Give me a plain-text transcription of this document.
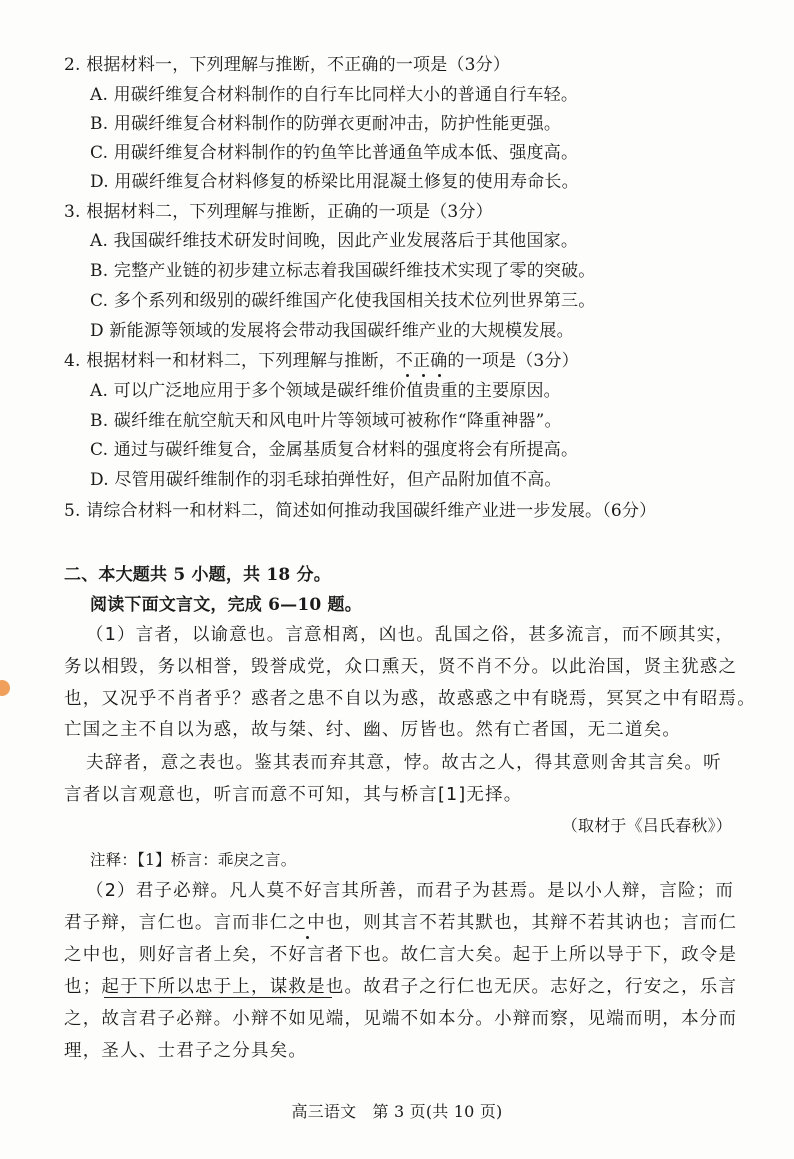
2. 根据材料一，下列理解与推断，不正确的一项是（3分）
A. 用碳纤维复合材料制作的自行车比同样大小的普通自行车轻。
B. 用碳纤维复合材料制作的防弹衣更耐冲击，防护性能更强。
C. 用碳纤维复合材料制作的钓鱼竿比普通鱼竿成本低、强度高。
D. 用碳纤维复合材料修复的桥梁比用混凝土修复的使用寿命长。
3. 根据材料二，下列理解与推断，正确的一项是（3分）
A. 我国碳纤维技术研发时间晚，因此产业发展落后于其他国家。
B. 完整产业链的初步建立标志着我国碳纤维技术实现了零的突破。
C. 多个系列和级别的碳纤维国产化使我国相关技术位列世界第三。
D 新能源等领域的发展将会带动我国碳纤维产业的大规模发展。
4. 根据材料一和材料二，下列理解与推断，不正确的一项是（3分）
A. 可以广泛地应用于多个领域是碳纤维价值贵重的主要原因。
B. 碳纤维在航空航天和风电叶片等领域可被称作“降重神器”。
C. 通过与碳纤维复合，金属基质复合材料的强度将会有所提高。
D. 尽管用碳纤维制作的羽毛球拍弹性好，但产品附加值不高。
5. 请综合材料一和材料二，简述如何推动我国碳纤维产业进一步发展。（6分）
二、本大题共 5 小题，共 18 分。
阅读下面文言文，完成 6—10 题。
（1）言者，以谕意也。言意相离，凶也。乱国之俗，甚多流言，而不顾其实，
务以相毁，务以相誉，毁誉成党，众口熏天，贤不肖不分。以此治国，贤主犹惑之
也，又况乎不肖者乎？惑者之患不自以为惑，故惑惑之中有晓焉，冥冥之中有昭焉。
亡国之主不自以为惑，故与桀、纣、幽、厉皆也。然有亡者国，无二道矣。
夫辞者，意之表也。鉴其表而弃其意，悖。故古之人，得其意则舍其言矣。听
言者以言观意也，听言而意不可知，其与桥言[1]无择。
（取材于《吕氏春秋》）
注释：【1】桥言：乖戾之言。
（2）君子必辩。凡人莫不好言其所善，而君子为甚焉。是以小人辩，言险；而
君子辩，言仁也。言而非仁之中也，则其言不若其默也，其辩不若其讷也；言而仁
之中也，则好言者上矣，不好言者下也。故仁言大矣。起于上所以导于下，政令是
也；起于下所以忠于上，谋救是也。故君子之行仁也无厌。志好之，行安之，乐言
之，故言君子必辩。小辩不如见端，见端不如本分。小辩而察，见端而明，本分而
理，圣人、士君子之分具矣。
高三语文　第 3 页(共 10 页)
